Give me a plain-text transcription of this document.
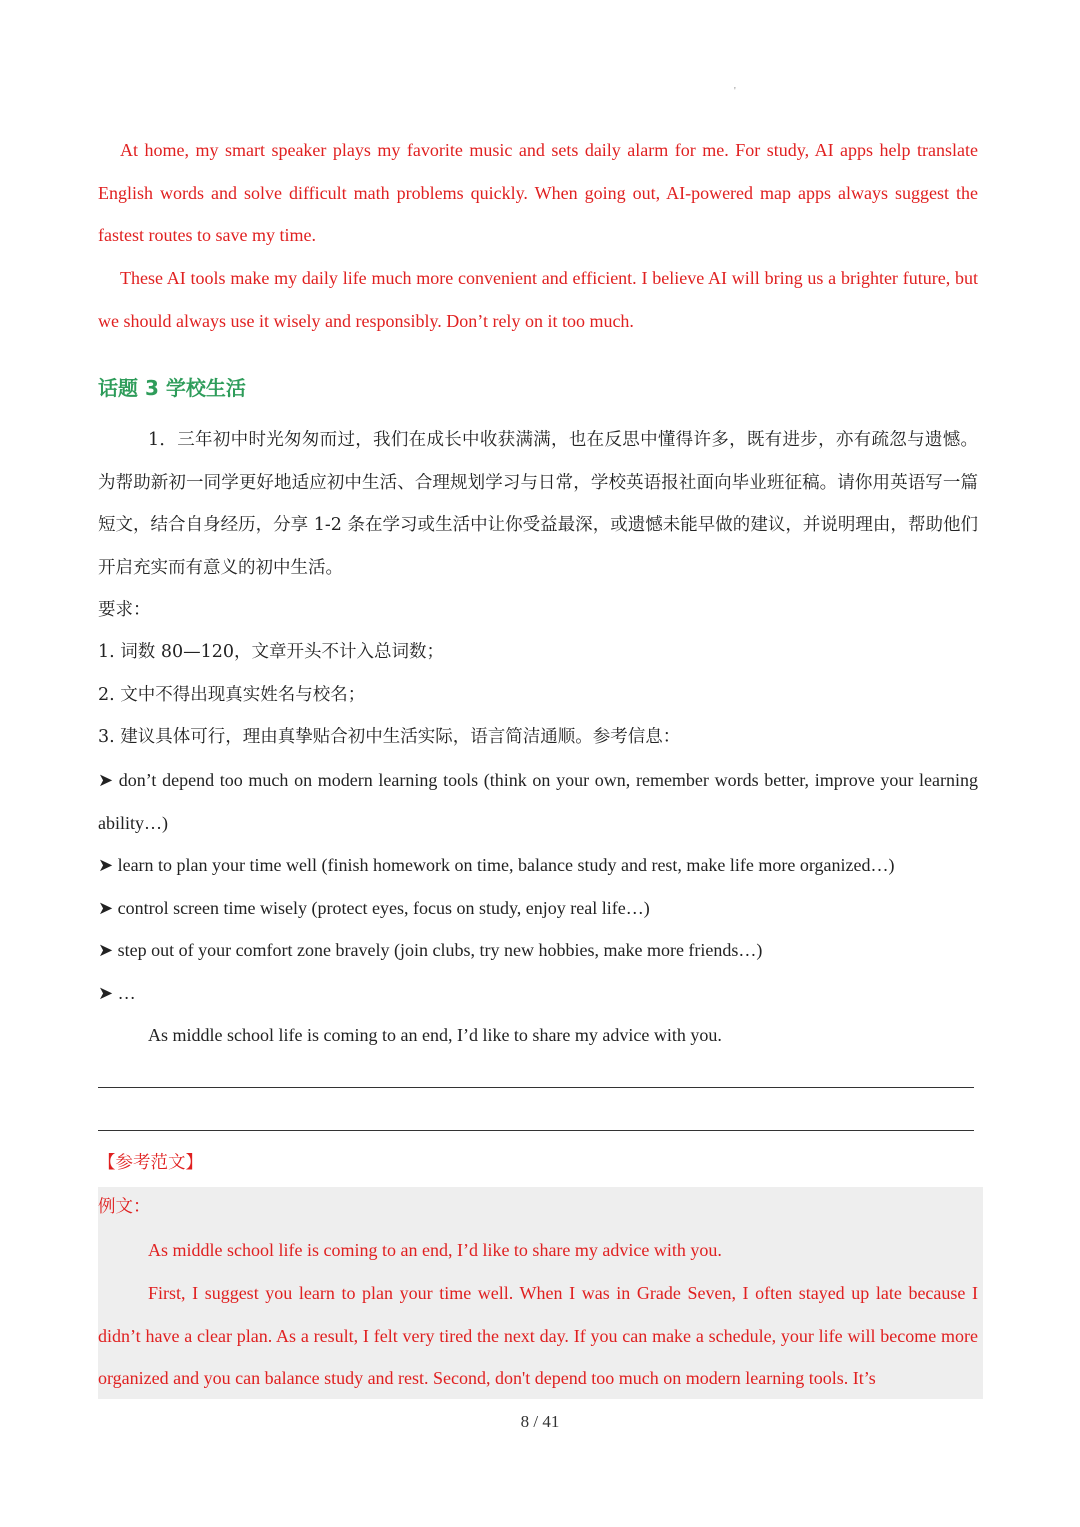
'
At home, my smart speaker plays my favorite music and sets daily alarm for me. For study, AI apps help translate English words and solve difficult math problems quickly. When going out, AI-powered map apps always suggest the fastest routes to save my time.
These AI tools make my daily life much more convenient and efficient. I believe AI will bring us a brighter future, but we should always use it wisely and responsibly. Don’t rely on it too much.
话题 3 学校生活
1．三年初中时光匆匆而过，我们在成长中收获满满，也在反思中懂得许多，既有进步，亦有疏忽与遗憾。为帮助新初一同学更好地适应初中生活、合理规划学习与日常，学校英语报社面向毕业班征稿。请你用英语写一篇短文，结合自身经历，分享 1-2 条在学习或生活中让你受益最深，或遗憾未能早做的建议，并说明理由，帮助他们开启充实而有意义的初中生活。
要求：
1. 词数 80—120，文章开头不计入总词数；
2. 文中不得出现真实姓名与校名；
3. 建议具体可行，理由真挚贴合初中生活实际，语言简洁通顺。参考信息：
➤ don’t depend too much on modern learning tools (think on your own, remember words better, improve your learning ability…)
➤ learn to plan your time well (finish homework on time, balance study and rest, make life more organized…)
➤ control screen time wisely (protect eyes, focus on study, enjoy real life…)
➤ step out of your comfort zone bravely (join clubs, try new hobbies, make more friends…)
➤ …
As middle school life is coming to an end, I’d like to share my advice with you.
【参考范文】
例文：
As middle school life is coming to an end, I’d like to share my advice with you.
First, I suggest you learn to plan your time well. When I was in Grade Seven, I often stayed up late because I didn’t have a clear plan. As a result, I felt very tired the next day. If you can make a schedule, your life will become more organized and you can balance study and rest. Second, don't depend too much on modern learning tools. It’s
8 / 41
